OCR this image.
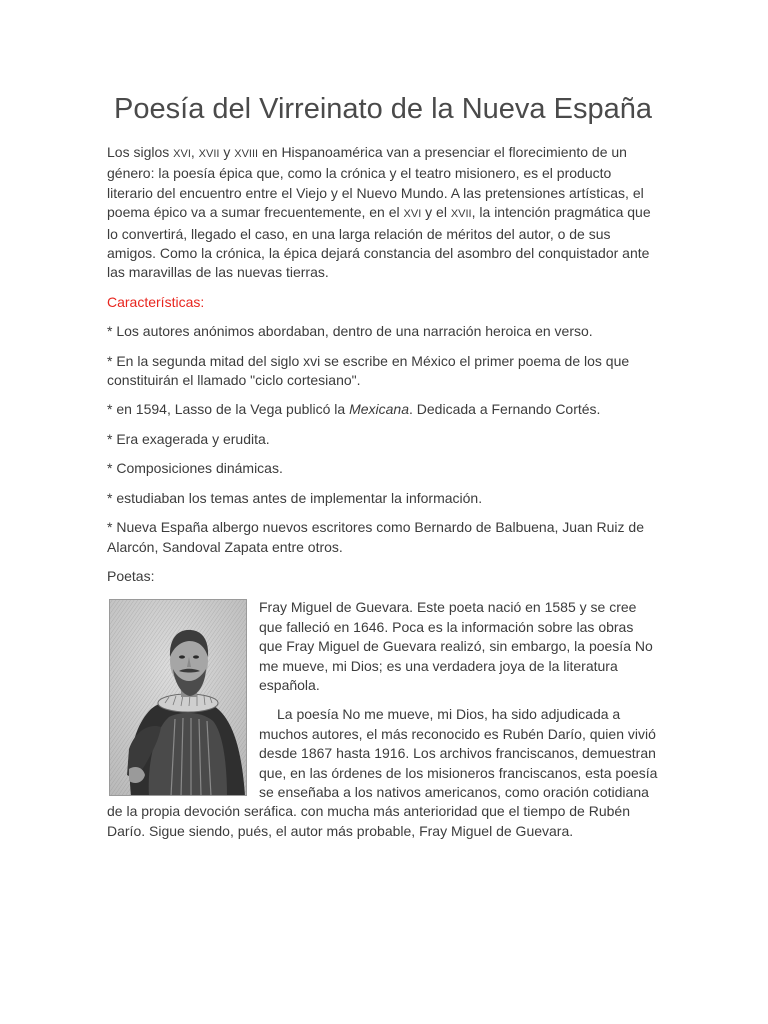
Poesía del Virreinato de la Nueva España

Los siglos XVI, XVII y XVIII en Hispanoamérica van a presenciar el florecimiento de un género: la poesía épica que, como la crónica y el teatro misionero, es el producto literario del encuentro entre el Viejo y el Nuevo Mundo. A las pretensiones artísticas, el poema épico va a sumar frecuentemente, en el XVI y el XVII, la intención pragmática que lo convertirá, llegado el caso, en una larga relación de méritos del autor, o de sus amigos. Como la crónica, la épica dejará constancia del asombro del conquistador ante las maravillas de las nuevas tierras.

Características:

* Los autores anónimos abordaban, dentro de una narración heroica en verso.

* En la segunda mitad del siglo xvi se escribe en México el primer poema de los que constituirán el llamado "ciclo cortesiano".

* en 1594, Lasso de la Vega publicó la Mexicana. Dedicada a Fernando Cortés.

* Era exagerada y erudita.

* Composiciones dinámicas.

* estudiaban los temas antes de implementar la información.

* Nueva España albergo nuevos escritores como Bernardo de Balbuena, Juan Ruiz de Alarcón, Sandoval Zapata entre otros.

Poetas:

Fray Miguel de Guevara. Este poeta nació en 1585 y se cree que falleció en 1646. Poca es la información sobre las obras que Fray Miguel de Guevara realizó, sin embargo, la poesía No me mueve, mi Dios; es una verdadera joya de la literatura española.

La poesía No me mueve, mi Dios, ha sido adjudicada a muchos autores, el más reconocido es Rubén Darío, quien vivió desde 1867 hasta 1916. Los archivos franciscanos, demuestran que, en las órdenes de los misioneros franciscanos, esta poesía se enseñaba a los nativos americanos, como oración cotidiana de la propia devoción seráfica. con mucha más anterioridad que el tiempo de Rubén Darío. Sigue siendo, pués, el autor más probable, Fray Miguel de Guevara.
